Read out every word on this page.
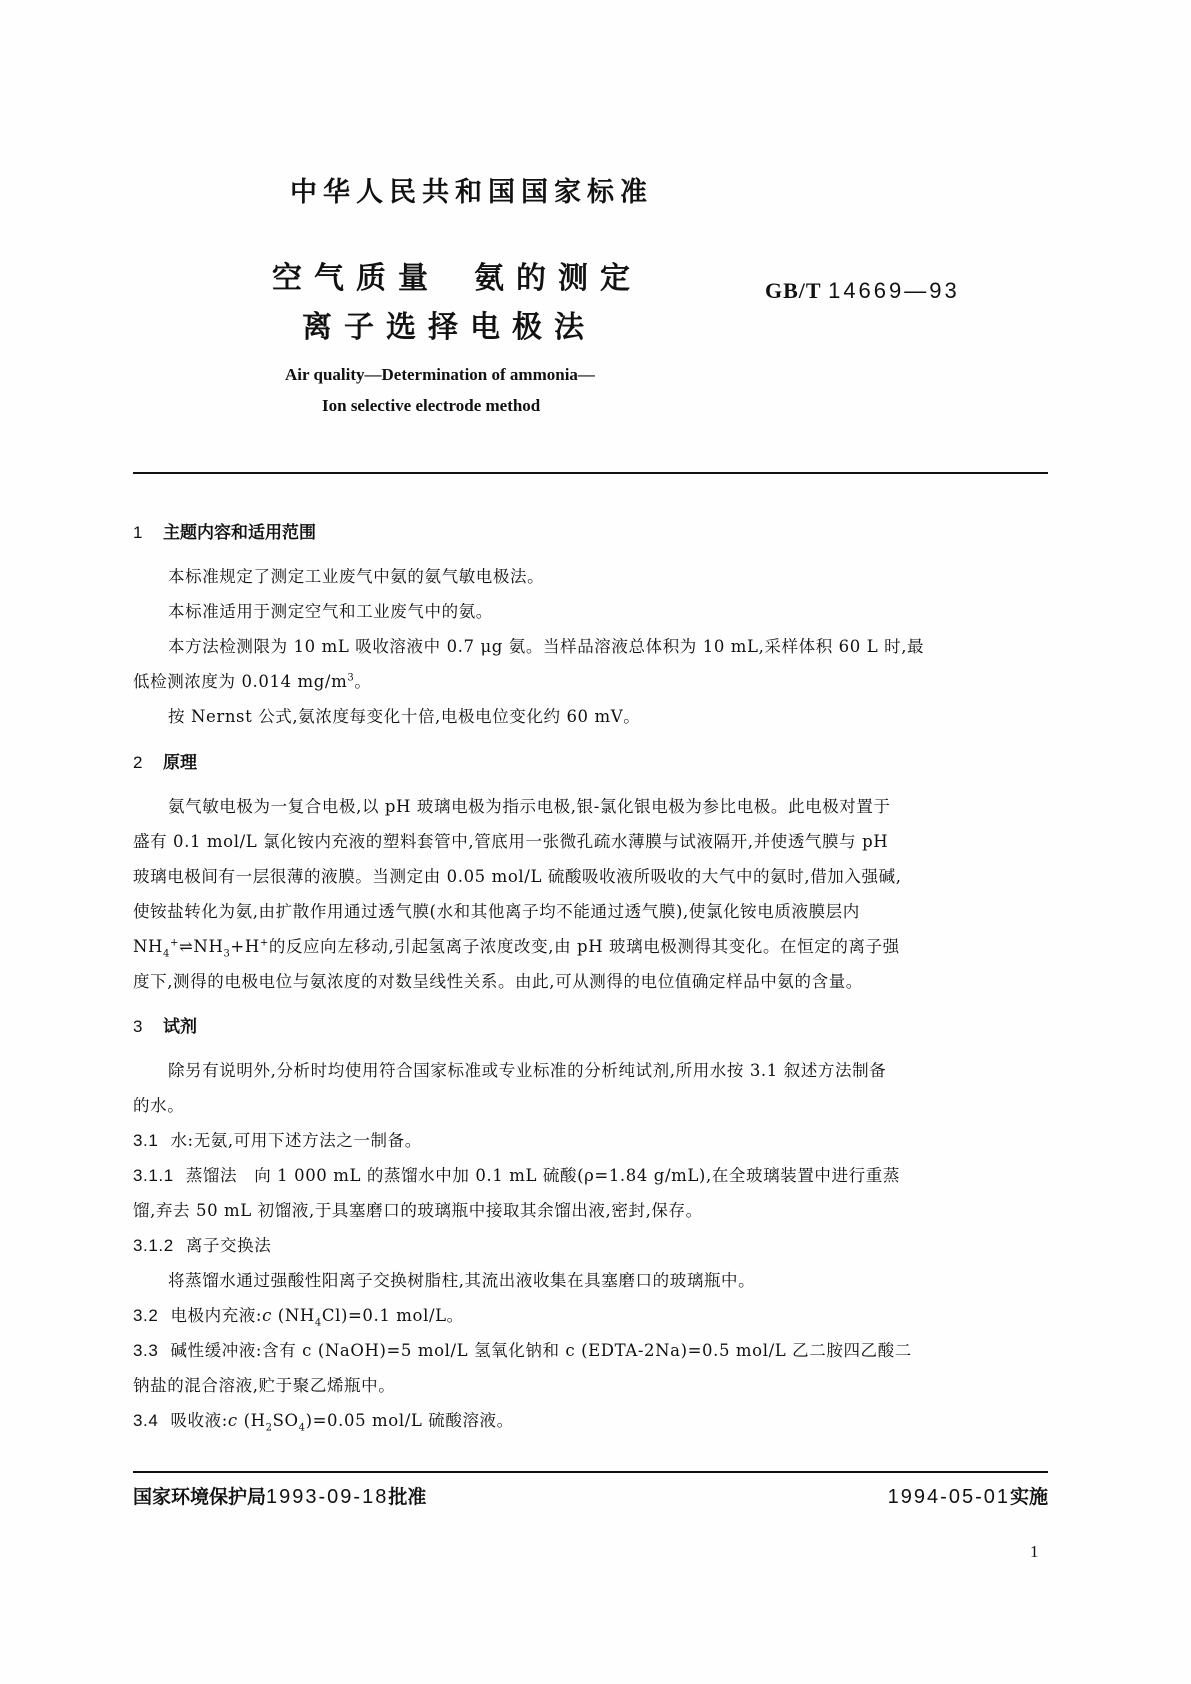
中华人民共和国国家标准
空气质量 氨的测定
离子选择电极法
GB/T 14669—93
Air quality—Determination of ammonia—
Ion selective electrode method
1 主题内容和适用范围
本标准规定了测定工业废气中氨的氨气敏电极法。
本标准适用于测定空气和工业废气中的氨。
本方法检测限为 10 mL 吸收溶液中 0.7 μg 氨。当样品溶液总体积为 10 mL,采样体积 60 L 时,最
低检测浓度为 0.014 $mg/m^3$。
按 Nernst 公式,氨浓度每变化十倍,电极电位变化约 60 mV。
2 原理
氨气敏电极为一复合电极,以 pH 玻璃电极为指示电极,银-氯化银电极为参比电极。此电极对置于
盛有 0.1 mol/L 氯化铵内充液的塑料套管中,管底用一张微孔疏水薄膜与试液隔开,并使透气膜与 pH
玻璃电极间有一层很薄的液膜。当测定由 0.05 mol/L 硫酸吸收液所吸收的大气中的氨时,借加入强碱,
使铵盐转化为氨,由扩散作用通过透气膜(水和其他离子均不能通过透气膜),使氯化铵电质液膜层内
$NH_4^+\rightleftharpoons NH_3+H^+$的反应向左移动,引起氢离子浓度改变,由 pH 玻璃电极测得其变化。在恒定的离子强
度下,测得的电极电位与氨浓度的对数呈线性关系。由此,可从测得的电位值确定样品中氨的含量。
3 试剂
除另有说明外,分析时均使用符合国家标准或专业标准的分析纯试剂,所用水按 3.1 叙述方法制备
的水。
3.1 水:无氨,可用下述方法之一制备。
3.1.1 蒸馏法　向 1 000 mL 的蒸馏水中加 0.1 mL 硫酸(ρ=1.84 g/mL),在全玻璃装置中进行重蒸
馏,弃去 50 mL 初馏液,于具塞磨口的玻璃瓶中接取其余馏出液,密封,保存。
3.1.2 离子交换法
将蒸馏水通过强酸性阳离子交换树脂柱,其流出液收集在具塞磨口的玻璃瓶中。
3.2 电极内充液:c $(NH_4Cl)=0.1$ mol/L。
3.3 碱性缓冲液:含有 c (NaOH)=5 mol/L 氢氧化钠和 c (EDTA-2Na)=0.5 mol/L 乙二胺四乙酸二
钠盐的混合溶液,贮于聚乙烯瓶中。
3.4 吸收液:c $(H_2SO_4)=0.05$ mol/L 硫酸溶液。
国家环境保护局1993-09-18批准	1994-05-01实施
1
